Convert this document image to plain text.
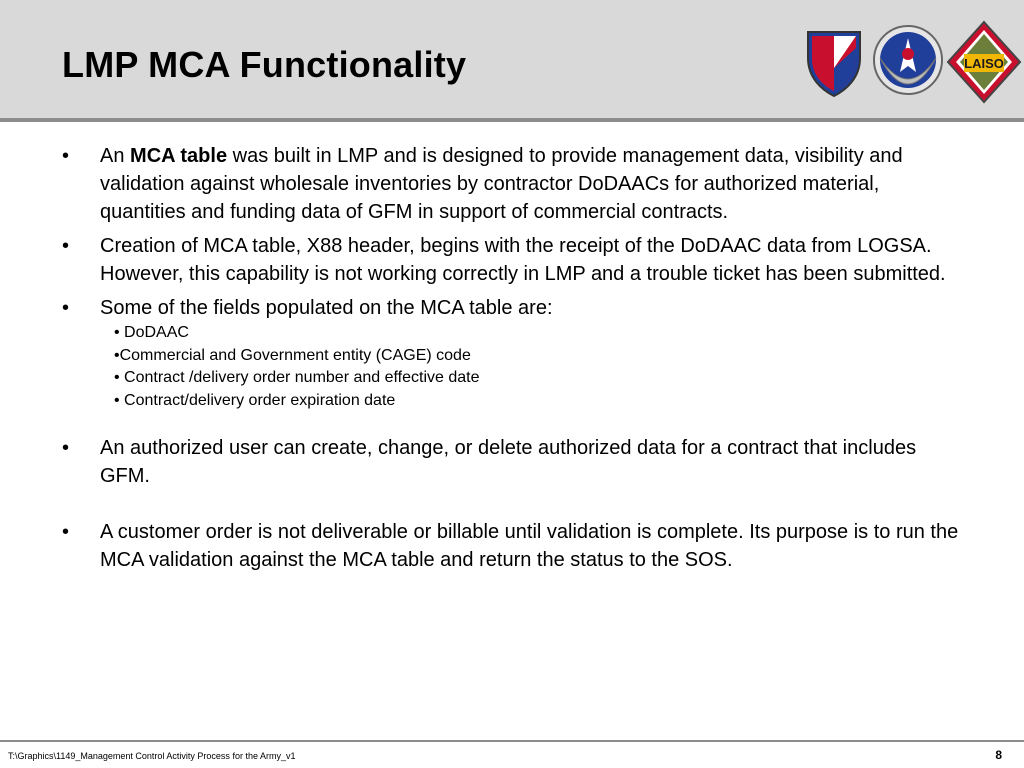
LMP MCA Functionality	LAISO
• An MCA table was built in LMP and is designed to provide management data, visibility and validation against wholesale inventories by contractor DoDAACs for authorized material, quantities and funding data of GFM in support of commercial contracts.
• Creation of MCA table, X88 header, begins with the receipt of the DoDAAC data from LOGSA. However, this capability is not working correctly in LMP and a trouble ticket has been submitted.
• Some of the fields populated on the MCA table are:
• DoDAAC
•Commercial and Government entity (CAGE) code
• Contract /delivery order number and effective date
• Contract/delivery order expiration date
• An authorized user can create, change, or delete authorized data for a contract that includes GFM.
• A customer order is not deliverable or billable until validation is complete. Its purpose is to run the MCA validation against the MCA table and return the status to the SOS.
T:\Graphics\1149_Management Control Activity Process for the Army_v1	8
